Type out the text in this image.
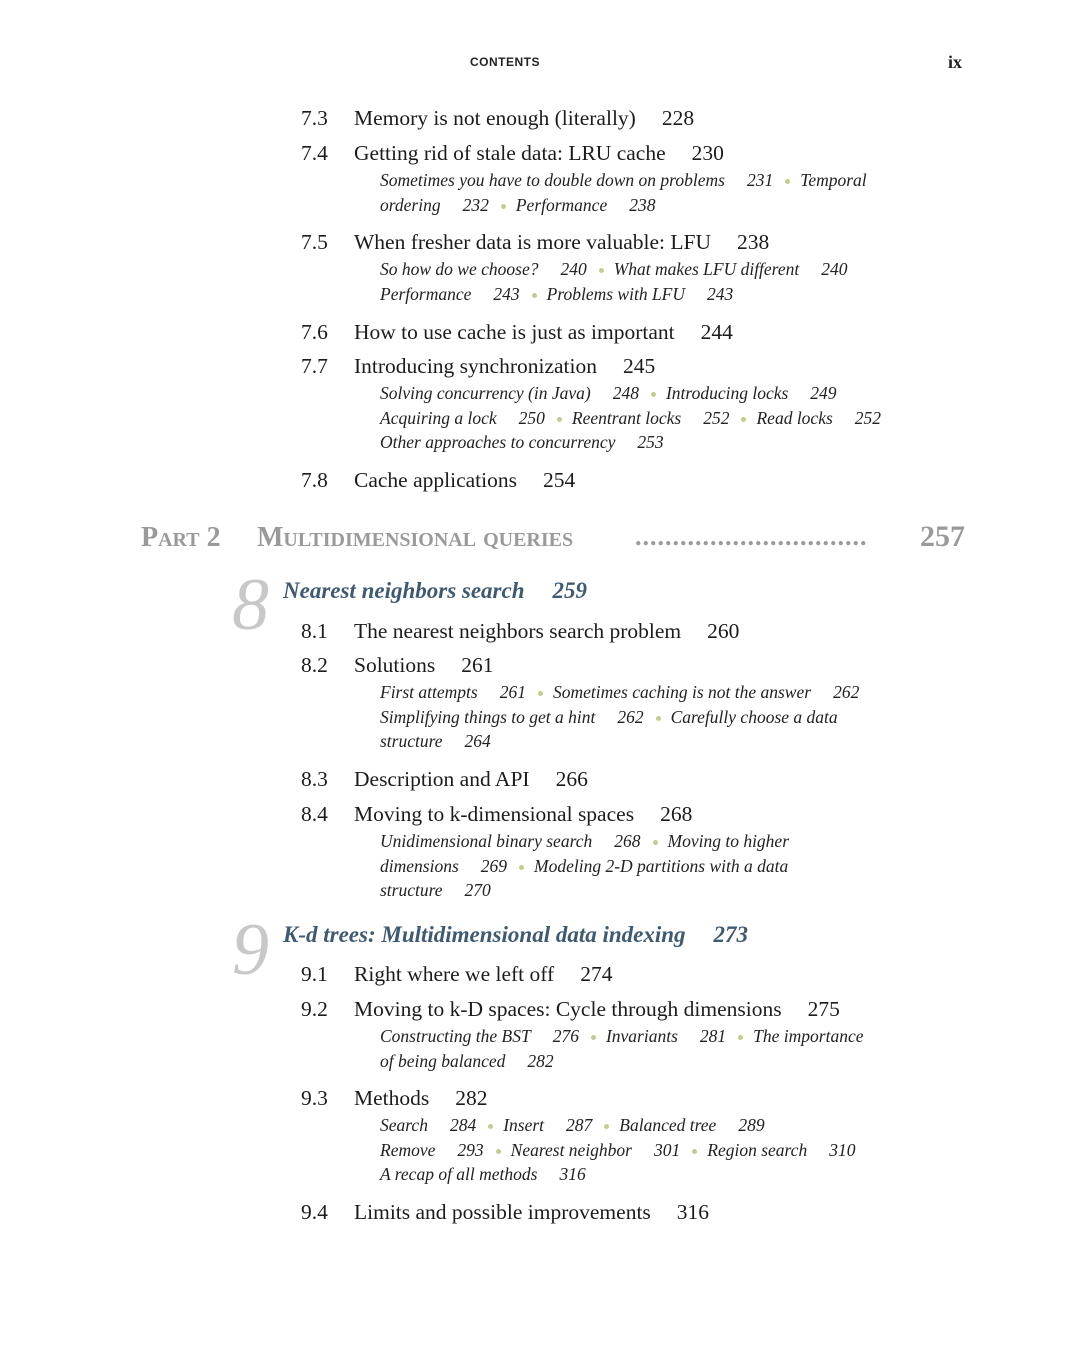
CONTENTS	ix
7.3 Memory is not enough (literally) 228
7.4 Getting rid of stale data: LRU cache 230
Sometimes you have to double down on problems 231 Temporal
ordering 232 Performance 238
7.5 When fresher data is more valuable: LFU 238
So how do we choose? 240 What makes LFU different 240
Performance 243 Problems with LFU 243
7.6 How to use cache is just as important 244
7.7 Introducing synchronization 245
Solving concurrency (in Java) 248 Introducing locks 249
Acquiring a lock 250 Reentrant locks 252 Read locks 252
Other approaches to concurrency 253
7.8 Cache applications 254
Part 2 Multidimensional queries ............................... 257
8 Nearest neighbors search 259
8.1 The nearest neighbors search problem 260
8.2 Solutions 261
First attempts 261 Sometimes caching is not the answer 262
Simplifying things to get a hint 262 Carefully choose a data
structure 264
8.3 Description and API 266
8.4 Moving to k-dimensional spaces 268
Unidimensional binary search 268 Moving to higher
dimensions 269 Modeling 2-D partitions with a data
structure 270
9 K-d trees: Multidimensional data indexing 273
9.1 Right where we left off 274
9.2 Moving to k-D spaces: Cycle through dimensions 275
Constructing the BST 276 Invariants 281 The importance
of being balanced 282
9.3 Methods 282
Search 284 Insert 287 Balanced tree 289
Remove 293 Nearest neighbor 301 Region search 310
A recap of all methods 316
9.4 Limits and possible improvements 316
